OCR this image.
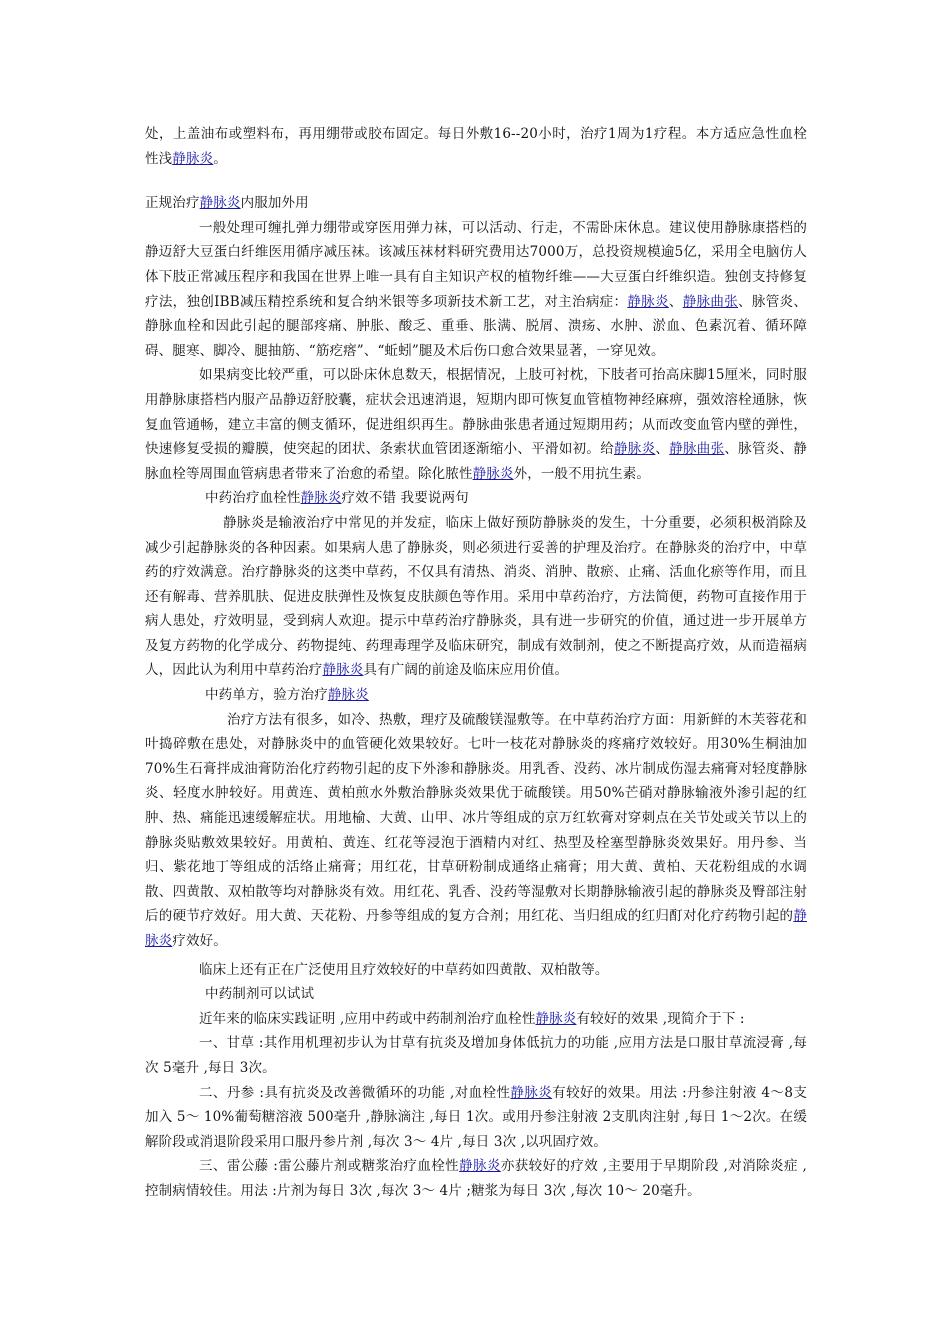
处，上盖油布或塑料布，再用绷带或胶布固定。每日外敷16--20小时，治疗1周为1疗程。本方适应急性血栓性浅静脉炎。

正规治疗静脉炎内服加外用

一般处理可缠扎弹力绷带或穿医用弹力袜，可以活动、行走，不需卧床休息。建议使用静脉康搭档的静迈舒大豆蛋白纤维医用循序减压袜。该减压袜材料研究费用达7000万，总投资规模逾5亿，采用全电脑仿人体下肢正常减压程序和我国在世界上唯一具有自主知识产权的植物纤维——大豆蛋白纤维织造。独创支持修复疗法，独创IBB减压精控系统和复合纳米银等多项新技术新工艺，对主治病症：静脉炎、静脉曲张、脉管炎、静脉血栓和因此引起的腿部疼痛、肿胀、酸乏、重垂、胀满、脱屑、溃疡、水肿、淤血、色素沉着、循环障碍、腿寒、脚冷、腿抽筋、“筋疙瘩”、“蚯蚓”腿及术后伤口愈合效果显著，一穿见效。

如果病变比较严重，可以卧床休息数天，根据情况，上肢可衬枕，下肢者可抬高床脚15厘米，同时服用静脉康搭档内服产品静迈舒胶囊，症状会迅速消退，短期内即可恢复血管植物神经麻痹，强效溶栓通脉，恢复血管通畅，建立丰富的侧支循环，促进组织再生。静脉曲张患者通过短期用药；从而改变血管内壁的弹性，快速修复受损的瓣膜，使突起的团状、条索状血管团逐渐缩小、平滑如初。给静脉炎、静脉曲张、脉管炎、静脉血栓等周围血管病患者带来了治愈的希望。除化脓性静脉炎外，一般不用抗生素。

中药治疗血栓性静脉炎疗效不错 我要说两句

静脉炎是输液治疗中常见的并发症，临床上做好预防静脉炎的发生，十分重要，必须积极消除及减少引起静脉炎的各种因素。如果病人患了静脉炎，则必须进行妥善的护理及治疗。在静脉炎的治疗中，中草药的疗效满意。治疗静脉炎的这类中草药，不仅具有清热、消炎、消肿、散瘀、止痛、活血化瘀等作用，而且还有解毒、营养肌肤、促进皮肤弹性及恢复皮肤颜色等作用。采用中草药治疗，方法简便，药物可直接作用于病人患处，疗效明显，受到病人欢迎。提示中草药治疗静脉炎，具有进一步研究的价值，通过进一步开展单方及复方药物的化学成分、药物提纯、药理毒理学及临床研究，制成有效制剂，使之不断提高疗效，从而造福病人，因此认为利用中草药治疗静脉炎具有广阔的前途及临床应用价值。

中药单方，验方治疗静脉炎

治疗方法有很多，如冷、热敷，理疗及硫酸镁湿敷等。在中草药治疗方面：用新鲜的木芙蓉花和叶捣碎敷在患处，对静脉炎中的血管硬化效果较好。七叶一枝花对静脉炎的疼痛疗效较好。用30%生桐油加70%生石膏拌成油膏防治化疗药物引起的皮下外渗和静脉炎。用乳香、没药、冰片制成伤湿去痛膏对轻度静脉炎、轻度水肿较好。用黄连、黄柏煎水外敷治静脉炎效果优于硫酸镁。用50%芒硝对静脉输液外渗引起的红肿、热、痛能迅速缓解症状。用地榆、大黄、山甲、冰片等组成的京万红软膏对穿刺点在关节处或关节以上的静脉炎贴敷效果较好。用黄柏、黄连、红花等浸泡于酒精内对红、热型及栓塞型静脉炎效果好。用丹参、当归、紫花地丁等组成的活络止痛膏；用红花，甘草研粉制成通络止痛膏；用大黄、黄柏、天花粉组成的水调散、四黄散、双柏散等均对静脉炎有效。用红花、乳香、没药等湿敷对长期静脉输液引起的静脉炎及臀部注射后的硬节疗效好。用大黄、天花粉、丹参等组成的复方合剂；用红花、当归组成的红归酊对化疗药物引起的静脉炎疗效好。

临床上还有正在广泛使用且疗效较好的中草药如四黄散、双柏散等。

中药制剂可以试试

近年来的临床实践证明 ,应用中药或中药制剂治疗血栓性静脉炎有较好的效果 ,现简介于下 :

一、甘草 :其作用机理初步认为甘草有抗炎及增加身体低抗力的功能 ,应用方法是口服甘草流浸膏 ,每次 5毫升 ,每日 3次。

二、丹参 :具有抗炎及改善微循环的功能 ,对血栓性静脉炎有较好的效果。用法 :丹参注射液 4～8支加入 5～ 10%葡萄糖溶液 500毫升 ,静脉滴注 ,每日 1次。或用丹参注射液 2支肌肉注射 ,每日 1～2次。在缓解阶段或消退阶段采用口服丹参片剂 ,每次 3～ 4片 ,每日 3次 ,以巩固疗效。

三、雷公藤 :雷公藤片剂或糖浆治疗血栓性静脉炎亦获较好的疗效 ,主要用于早期阶段 ,对消除炎症 ,控制病情较佳。用法 :片剂为每日 3次 ,每次 3～ 4片 ;糖浆为每日 3次 ,每次 10～ 20毫升。
